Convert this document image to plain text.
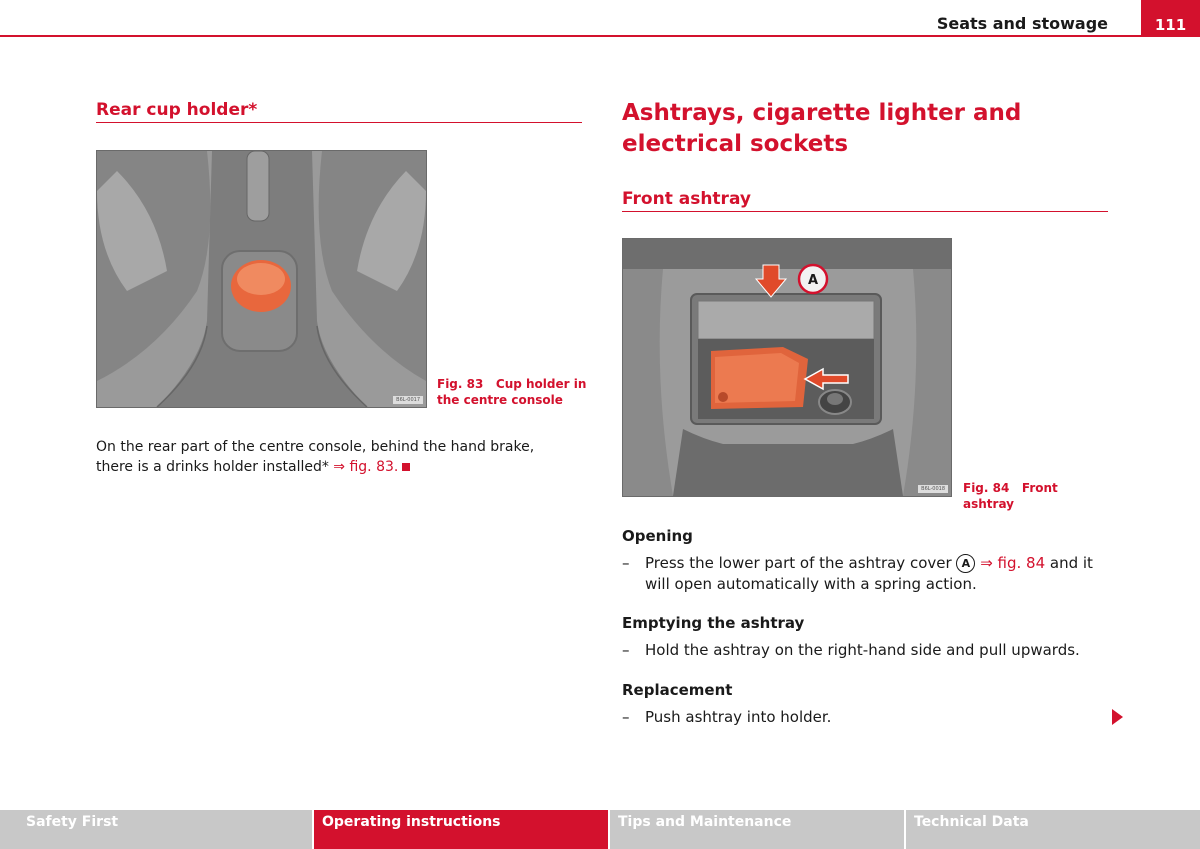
Seats and stowage	111
Rear cup holder*
B6L-0017
Fig. 83 Cup holder in the centre console
On the rear part of the centre console, behind the hand brake, there is a drinks holder installed* ⇒ fig. 83.
Ashtrays, cigarette lighter and electrical sockets
Front ashtray
A
B6L-0018 Fig. 84 Front ashtray
Opening
– Press the lower part of the ashtray cover A ⇒ fig. 84 and it will open automatically with a spring action.
Emptying the ashtray
– Hold the ashtray on the right-hand side and pull upwards.
Replacement
– Push ashtray into holder.
Safety First	Operating instructions	Tips and Maintenance	Technical Data
